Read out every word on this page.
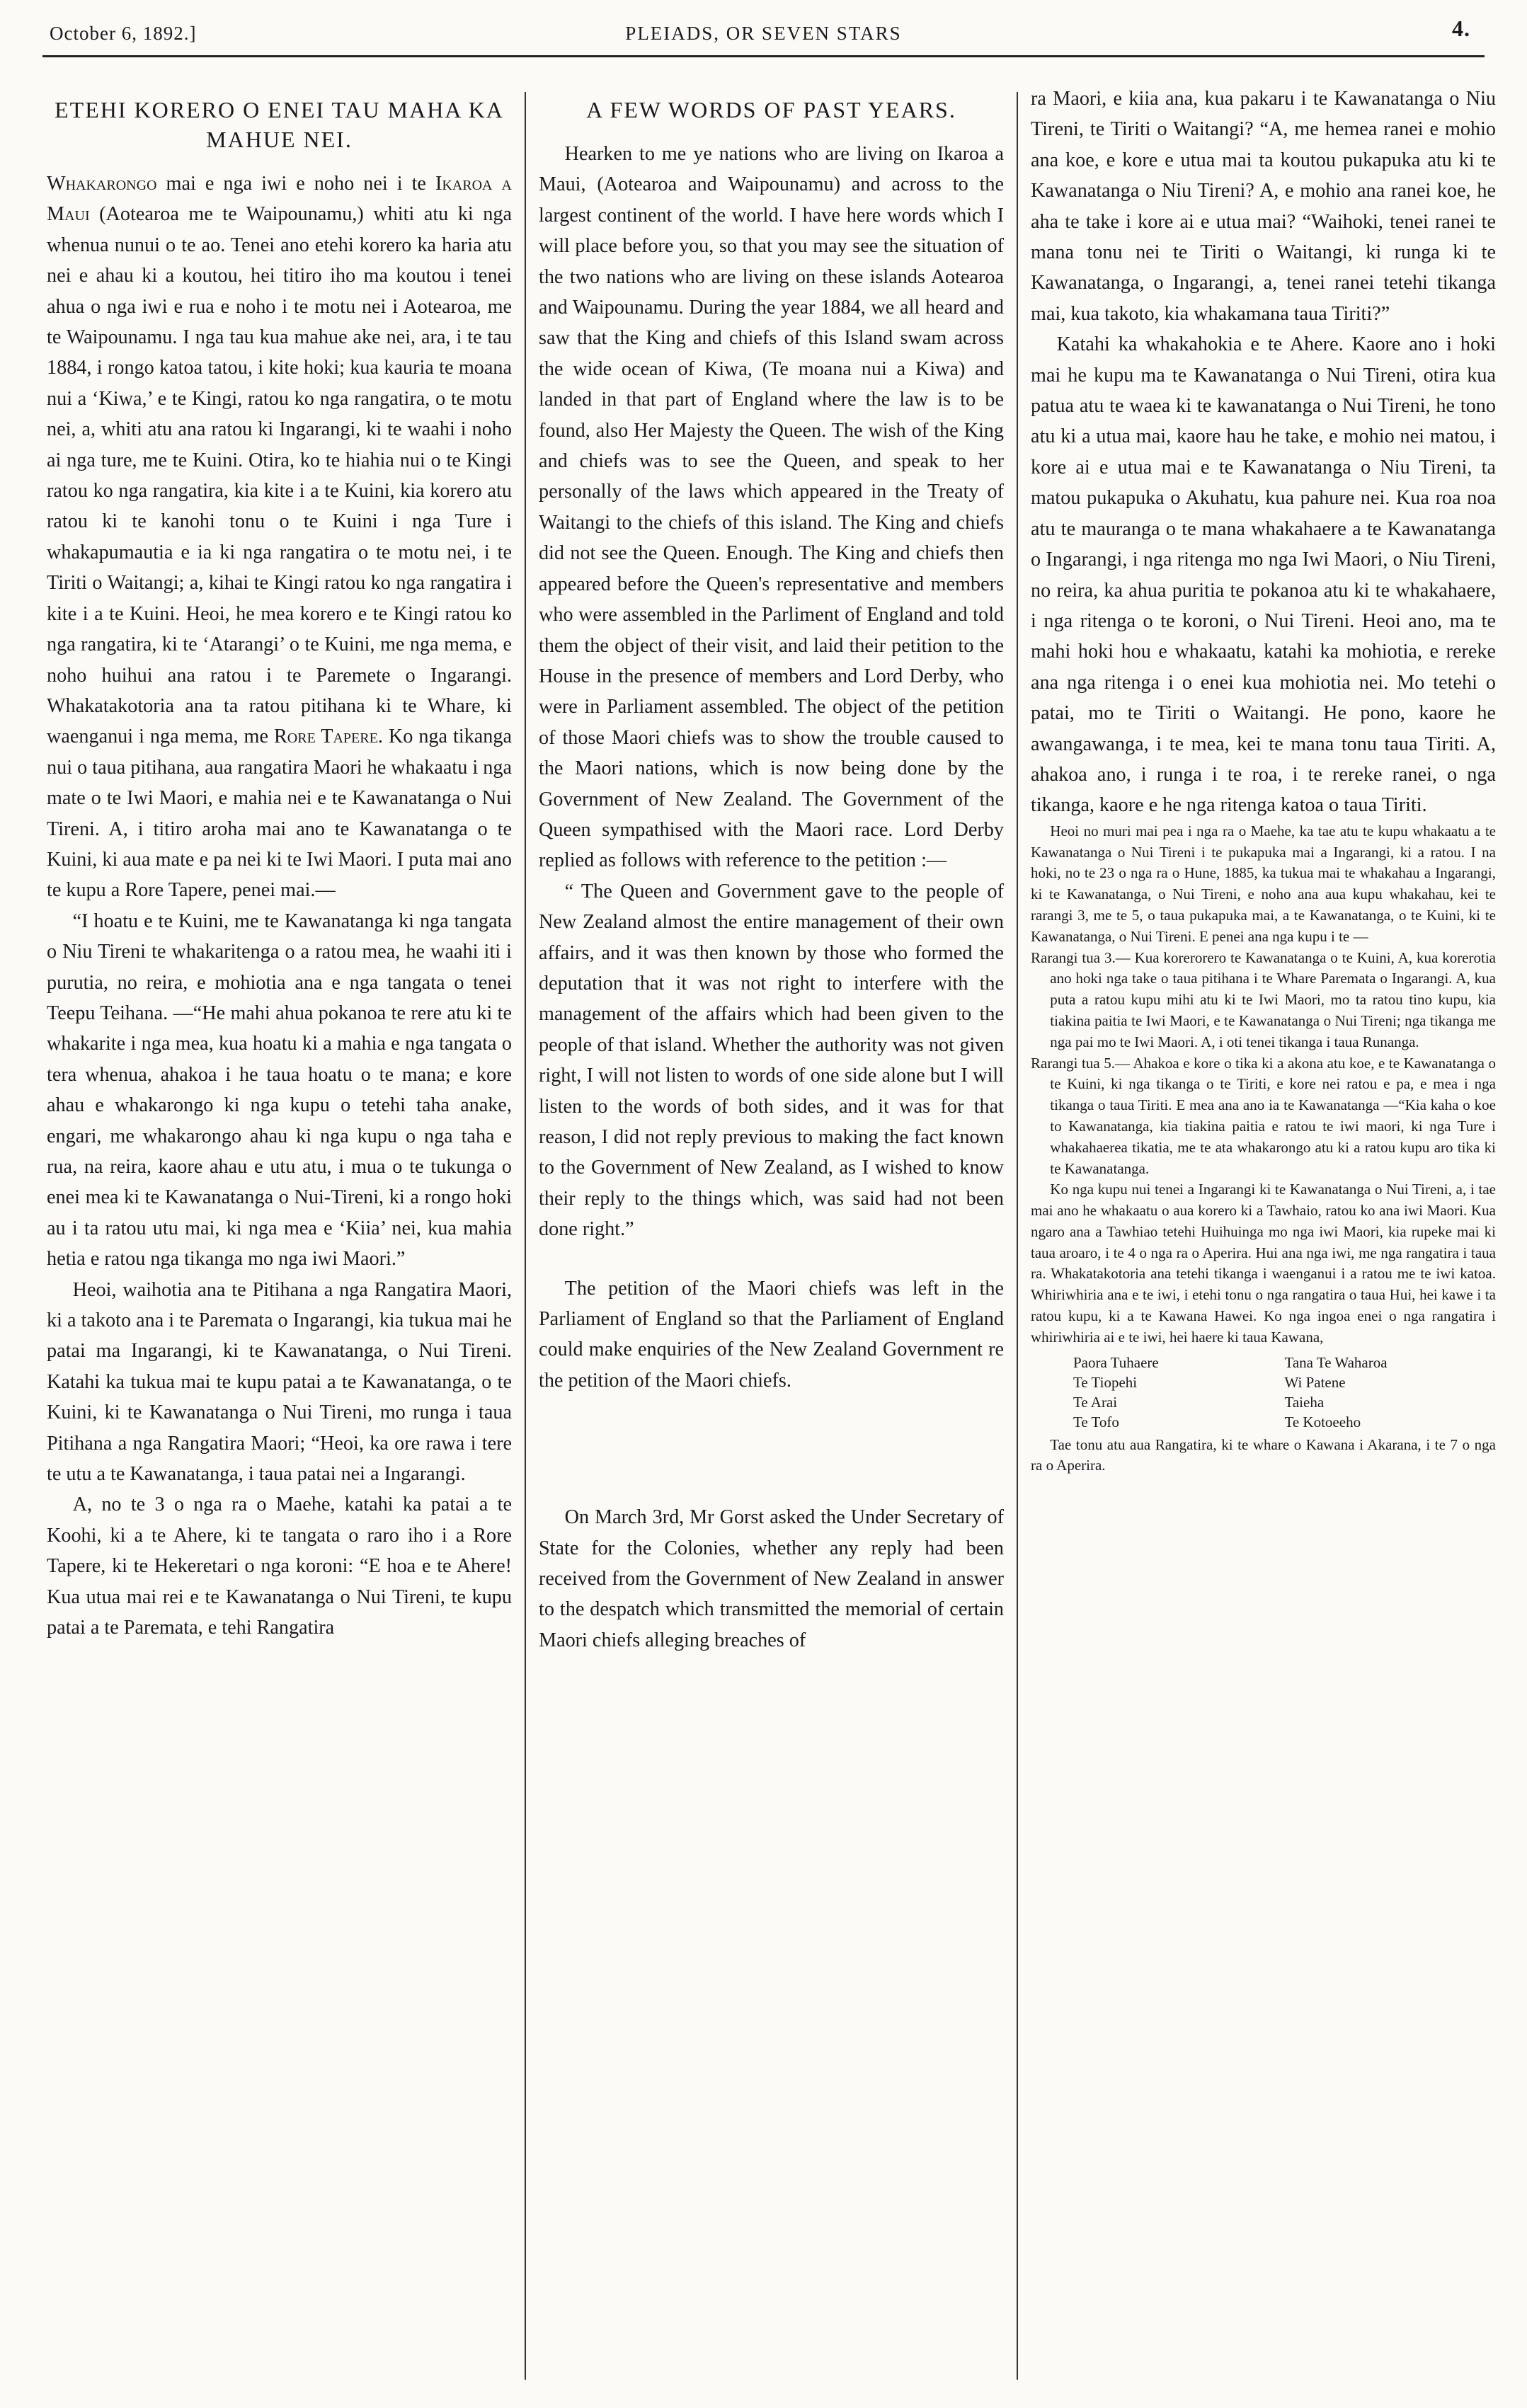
October 6, 1892.]	PLEIADS, OR SEVEN STARS	4.
ETEHI KORERO O ENEI TAU MAHA KA MAHUE NEI.

Whakarongo mai e nga iwi e noho nei i te Ikaroa a Maui (Aotearoa me te Waipounamu,) whiti atu ki nga whenua nunui o te ao. Tenei ano etehi korero ka haria atu nei e ahau ki a koutou, hei titiro iho ma koutou i tenei ahua o nga iwi e rua e noho i te motu nei i Aotearoa, me te Waipounamu. I nga tau kua mahue ake nei, ara, i te tau 1884, i rongo katoa tatou, i kite hoki; kua kauria te moana nui a ‘Kiwa,’ e te Kingi, ratou ko nga rangatira, o te motu nei, a, whiti atu ana ratou ki Ingarangi, ki te waahi i noho ai nga ture, me te Kuini. Otira, ko te hiahia nui o te Kingi ratou ko nga rangatira, kia kite i a te Kuini, kia korero atu ratou ki te kanohi tonu o te Kuini i nga Ture i whakapumautia e ia ki nga rangatira o te motu nei, i te Tiriti o Waitangi; a, kihai te Kingi ratou ko nga rangatira i kite i a te Kuini. Heoi, he mea korero e te Kingi ratou ko nga rangatira, ki te ‘Atarangi’ o te Kuini, me nga mema, e noho huihui ana ratou i te Paremete o Ingarangi. Whakatakotoria ana ta ratou pitihana ki te Whare, ki waenganui i nga mema, me Rore Tapere. Ko nga tikanga nui o taua pitihana, aua rangatira Maori he whakaatu i nga mate o te Iwi Maori, e mahia nei e te Kawanatanga o Nui Tireni. A, i titiro aroha mai ano te Kawanatanga o te Kuini, ki aua mate e pa nei ki te Iwi Maori. I puta mai ano te kupu a Rore Tapere, penei mai.—

“I hoatu e te Kuini, me te Kawanatanga ki nga tangata o Niu Tireni te whakaritenga o a ratou mea, he waahi iti i purutia, no reira, e mohiotia ana e nga tangata o tenei Teepu Teihana. —“He mahi ahua pokanoa te rere atu ki te whakarite i nga mea, kua hoatu ki a mahia e nga tangata o tera whenua, ahakoa i he taua hoatu o te mana; e kore ahau e whakarongo ki nga kupu o tetehi taha anake, engari, me whakarongo ahau ki nga kupu o nga taha e rua, na reira, kaore ahau e utu atu, i mua o te tukunga o enei mea ki te Kawanatanga o Nui-Tireni, ki a rongo hoki au i ta ratou utu mai, ki nga mea e ‘Kiia’ nei, kua mahia hetia e ratou nga tikanga mo nga iwi Maori.”

Heoi, waihotia ana te Pitihana a nga Rangatira Maori, ki a takoto ana i te Paremata o Ingarangi, kia tukua mai he patai ma Ingarangi, ki te Kawanatanga, o Nui Tireni. Katahi ka tukua mai te kupu patai a te Kawanatanga, o te Kuini, ki te Kawanatanga o Nui Tireni, mo runga i taua Pitihana a nga Rangatira Maori; “Heoi, ka ore rawa i tere te utu a te Kawanatanga, i taua patai nei a Ingarangi.

A, no te 3 o nga ra o Maehe, katahi ka patai a te Koohi, ki a te Ahere, ki te tangata o raro iho i a Rore Tapere, ki te Hekeretari o nga koroni: “E hoa e te Ahere! Kua utua mai rei e te Kawanatanga o Nui Tireni, te kupu patai a te Paremata, e tehi Rangatira

A FEW WORDS OF PAST YEARS.

Hearken to me ye nations who are living on Ikaroa a Maui, (Aotearoa and Waipounamu) and across to the largest continent of the world. I have here words which I will place before you, so that you may see the situation of the two nations who are living on these islands Aotearoa and Waipounamu. During the year 1884, we all heard and saw that the King and chiefs of this Island swam across the wide ocean of Kiwa, (Te moana nui a Kiwa) and landed in that part of England where the law is to be found, also Her Majesty the Queen. The wish of the King and chiefs was to see the Queen, and speak to her personally of the laws which appeared in the Treaty of Waitangi to the chiefs of this island. The King and chiefs did not see the Queen. Enough. The King and chiefs then appeared before the Queen's representative and members who were assembled in the Parliment of England and told them the object of their visit, and laid their petition to the House in the presence of members and Lord Derby, who were in Parliament assembled. The object of the petition of those Maori chiefs was to show the trouble caused to the Maori nations, which is now being done by the Government of New Zealand. The Government of the Queen sympathised with the Maori race. Lord Derby replied as follows with reference to the petition :—

“ The Queen and Government gave to the people of New Zealand almost the entire management of their own affairs, and it was then known by those who formed the deputation that it was not right to interfere with the management of the affairs which had been given to the people of that island. Whether the authority was not given right, I will not listen to words of one side alone but I will listen to the words of both sides, and it was for that reason, I did not reply previous to making the fact known to the Government of New Zealand, as I wished to know their reply to the things which, was said had not been done right.”

The petition of the Maori chiefs was left in the Parliament of England so that the Parliament of England could make enquiries of the New Zealand Government re the petition of the Maori chiefs.

On March 3rd, Mr Gorst asked the Under Secretary of State for the Colonies, whether any reply had been received from the Government of New Zealand in answer to the despatch which transmitted the memorial of certain Maori chiefs alleging breaches of

ra Maori, e kiia ana, kua pakaru i te Kawanatanga o Niu Tireni, te Tiriti o Waitangi? “A, me hemea ranei e mohio ana koe, e kore e utua mai ta koutou pukapuka atu ki te Kawanatanga o Niu Tireni? A, e mohio ana ranei koe, he aha te take i kore ai e utua mai? “Waihoki, tenei ranei te mana tonu nei te Tiriti o Waitangi, ki runga ki te Kawanatanga, o Ingarangi, a, tenei ranei tetehi tikanga mai, kua takoto, kia whakamana taua Tiriti?”

Katahi ka whakahokia e te Ahere. Kaore ano i hoki mai he kupu ma te Kawanatanga o Nui Tireni, otira kua patua atu te waea ki te kawanatanga o Nui Tireni, he tono atu ki a utua mai, kaore hau he take, e mohio nei matou, i kore ai e utua mai e te Kawanatanga o Niu Tireni, ta matou pukapuka o Akuhatu, kua pahure nei. Kua roa noa atu te mauranga o te mana whakahaere a te Kawanatanga o Ingarangi, i nga ritenga mo nga Iwi Maori, o Niu Tireni, no reira, ka ahua puritia te pokanoa atu ki te whakahaere, i nga ritenga o te koroni, o Nui Tireni. Heoi ano, ma te mahi hoki hou e whakaatu, katahi ka mohiotia, e rereke ana nga ritenga i o enei kua mohiotia nei. Mo tetehi o patai, mo te Tiriti o Waitangi. He pono, kaore he awangawanga, i te mea, kei te mana tonu taua Tiriti. A, ahakoa ano, i runga i te roa, i te rereke ranei, o nga tikanga, kaore e he nga ritenga katoa o taua Tiriti.

Heoi no muri mai pea i nga ra o Maehe, ka tae atu te kupu whakaatu a te Kawanatanga o Nui Tireni i te pukapuka mai a Ingarangi, ki a ratou. I na hoki, no te 23 o nga ra o Hune, 1885, ka tukua mai te whakahau a Ingarangi, ki te Kawanatanga, o Nui Tireni, e noho ana aua kupu whakahau, kei te rarangi 3, me te 5, o taua pukapuka mai, a te Kawanatanga, o te Kuini, ki te Kawanatanga, o Nui Tireni. E penei ana nga kupu i te —

Rarangi tua 3.— Kua korerorero te Kawanatanga o te Kuini, A, kua korerotia ano hoki nga take o taua pitihana i te Whare Paremata o Ingarangi. A, kua puta a ratou kupu mihi atu ki te Iwi Maori, mo ta ratou tino kupu, kia tiakina paitia te Iwi Maori, e te Kawanatanga o Nui Tireni; nga tikanga me nga pai mo te Iwi Maori. A, i oti tenei tikanga i taua Runanga.

Rarangi tua 5.— Ahakoa e kore o tika ki a akona atu koe, e te Kawanatanga o te Kuini, ki nga tikanga o te Tiriti, e kore nei ratou e pa, e mea i nga tikanga o taua Tiriti. E mea ana ano ia te Kawanatanga —“Kia kaha o koe to Kawanatanga, kia tiakina paitia e ratou te iwi maori, ki nga Ture i whakahaerea tikatia, me te ata whakarongo atu ki a ratou kupu aro tika ki te Kawanatanga.

Ko nga kupu nui tenei a Ingarangi ki te Kawanatanga o Nui Tireni, a, i tae mai ano he whakaatu o aua korero ki a Tawhaio, ratou ko ana iwi Maori. Kua ngaro ana a Tawhiao tetehi Huihuinga mo nga iwi Maori, kia rupeke mai ki taua aroaro, i te 4 o nga ra o Aperira. Hui ana nga iwi, me nga rangatira i taua ra. Whakatakotoria ana tetehi tikanga i waenganui i a ratou me te iwi katoa. Whiriwhiria ana e te iwi, i etehi tonu o nga rangatira o taua Hui, hei kawe i ta ratou kupu, ki a te Kawana Hawei. Ko nga ingoa enei o nga rangatira i whiriwhiria ai e te iwi, hei haere ki taua Kawana,

Paora Tuhaere	Tana Te Waharoa
Te Tiopehi	Wi Patene
Te Arai	Taieha
Te Tofo	Te Kotoeeho

Tae tonu atu aua Rangatira, ki te whare o Kawana i Akarana, i te 7 o nga ra o Aperira.
